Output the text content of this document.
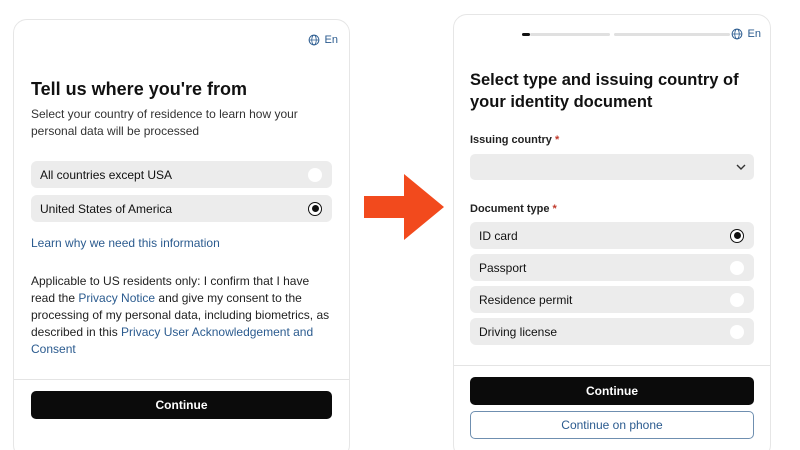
En
Tell us where you're from
Select your country of residence to learn how your
personal data will be processed
All countries except USA
United States of America
Learn why we need this information
Applicable to US residents only: I confirm that I have
read the Privacy Notice and give my consent to the
processing of my personal data, including biometrics, as
described in this Privacy User Acknowledgement and
Consent
Continue
En
Select type and issuing country of
your identity document
Issuing country *
Document type *
ID card
Passport
Residence permit
Driving license
Continue
Continue on phone
